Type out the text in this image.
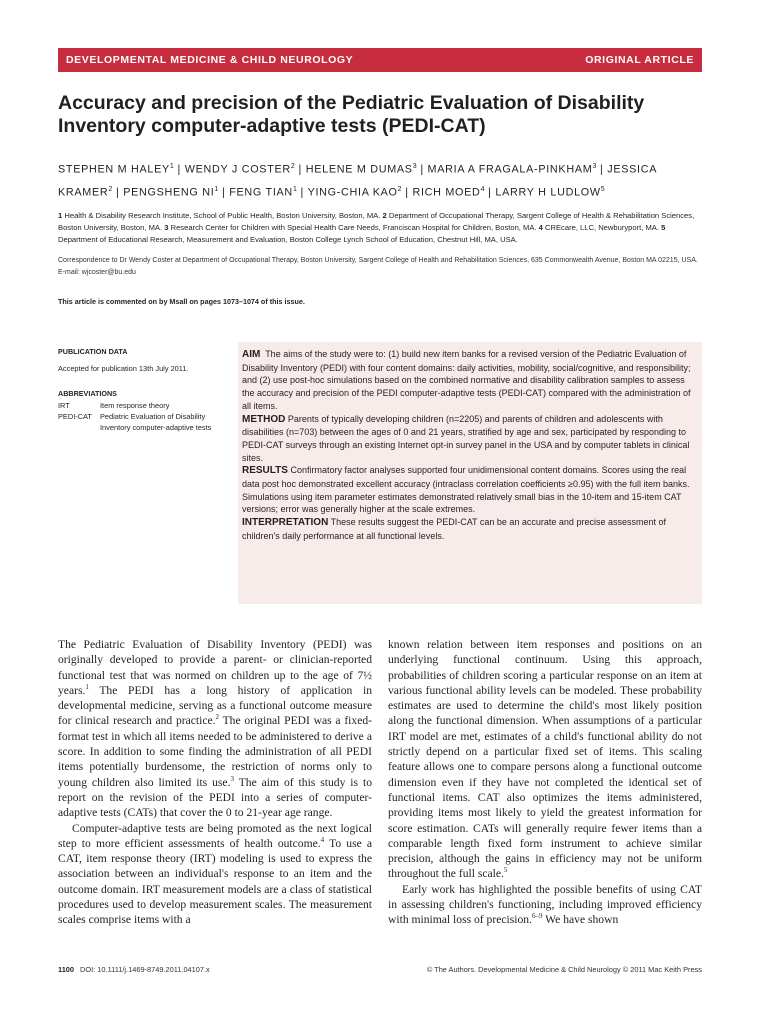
DEVELOPMENTAL MEDICINE & CHILD NEUROLOGY	ORIGINAL ARTICLE
Accuracy and precision of the Pediatric Evaluation of Disability Inventory computer-adaptive tests (PEDI-CAT)
STEPHEN M HALEY$^1$ | WENDY J COSTER$^2$ | HELENE M DUMAS$^3$ | MARIA A FRAGALA-PINKHAM$^3$ | JESSICA KRAMER$^2$ | PENGSHENG $NI^1$ | FENG TIAN$^1$ | YING-CHIA KAO$^2$ | RICH MOED$^4$ | LARRY H LUDLOW$^5$
1 Health & Disability Research Institute, School of Public Health, Boston University, Boston, MA. 2 Department of Occupational Therapy, Sargent College of Health & Rehabilitation Sciences, Boston University, Boston, MA. 3 Research Center for Children with Special Health Care Needs, Franciscan Hospital for Children, Boston, MA. 4 CREcare, LLC, Newburyport, MA. 5 Department of Educational Research, Measurement and Evaluation, Boston College Lynch School of Education, Chestnut Hill, MA, USA.
Correspondence to Dr Wendy Coster at Department of Occupational Therapy, Boston University, Sargent College of Health and Rehabilitation Sciences, 635 Commonwealth Avenue, Boston MA 02215, USA. E-mail: wjcoster@bu.edu
This article is commented on by Msall on pages 1073–1074 of this issue.
PUBLICATION DATA
Accepted for publication 13th July 2011.
ABBREVIATIONS
IRT	Item response theory
PEDI-CAT	Pediatric Evaluation of Disability Inventory computer-adaptive tests

AIM The aims of the study were to: (1) build new item banks for a revised version of the Pediatric Evaluation of Disability Inventory (PEDI) with four content domains: daily activities, mobility, social/cognitive, and responsibility; and (2) use post-hoc simulations based on the combined normative and disability calibration samples to assess the accuracy and precision of the PEDI computer-adaptive tests (PEDI-CAT) compared with the administration of all items.

METHOD Parents of typically developing children (n=2205) and parents of children and adolescents with disabilities (n=703) between the ages of 0 and 21 years, stratified by age and sex, participated by responding to PEDI-CAT surveys through an existing Internet opt-in survey panel in the USA and by computer tablets in clinical sites.

RESULTS Confirmatory factor analyses supported four unidimensional content domains. Scores using the real data post hoc demonstrated excellent accuracy (intraclass correlation coefficients ≥0.95) with the full item banks. Simulations using item parameter estimates demonstrated relatively small bias in the 10-item and 15-item CAT versions; error was generally higher at the scale extremes.

INTERPRETATION These results suggest the PEDI-CAT can be an accurate and precise assessment of children's daily performance at all functional levels.

The Pediatric Evaluation of Disability Inventory (PEDI) was originally developed to provide a parent- or clinician-reported functional test that was normed on children up to the age of 7½ years.$^1$ The PEDI has a long history of application in developmental medicine, serving as a functional outcome measure for clinical research and practice.$^2$ The original PEDI was a fixed-format test in which all items needed to be administered to derive a score. In addition to some finding the administration of all PEDI items potentially burdensome, the restriction of norms only to young children also limited its use.$^3$ The aim of this study is to report on the revision of the PEDI into a series of computer-adaptive tests (CATs) that cover the 0 to 21-year age range.

Computer-adaptive tests are being promoted as the next logical step to more efficient assessments of health outcome.$^4$ To use a CAT, item response theory (IRT) modeling is used to express the association between an individual's response to an item and the outcome domain. IRT measurement models are a class of statistical procedures used to develop measurement scales. The measurement scales comprise items with a

known relation between item responses and positions on an underlying functional continuum. Using this approach, probabilities of children scoring a particular response on an item at various functional ability levels can be modeled. These probability estimates are used to determine the child's most likely position along the functional dimension. When assumptions of a particular IRT model are met, estimates of a child's functional ability do not strictly depend on a particular fixed set of items. This scaling feature allows one to compare persons along a functional outcome dimension even if they have not completed the identical set of functional items. CAT also optimizes the items administered, providing items most likely to yield the greatest information for score estimation. CATs will generally require fewer items than a comparable length fixed form instrument to achieve similar precision, although the gains in efficiency may not be uniform throughout the full scale.$^5$

Early work has highlighted the possible benefits of using CAT in assessing children's functioning, including improved efficiency with minimal loss of precision.$^{6-9}$ We have shown

1100 DOI: 10.1111/j.1469-8749.2011.04107.x	© The Authors. Developmental Medicine & Child Neurology © 2011 Mac Keith Press
